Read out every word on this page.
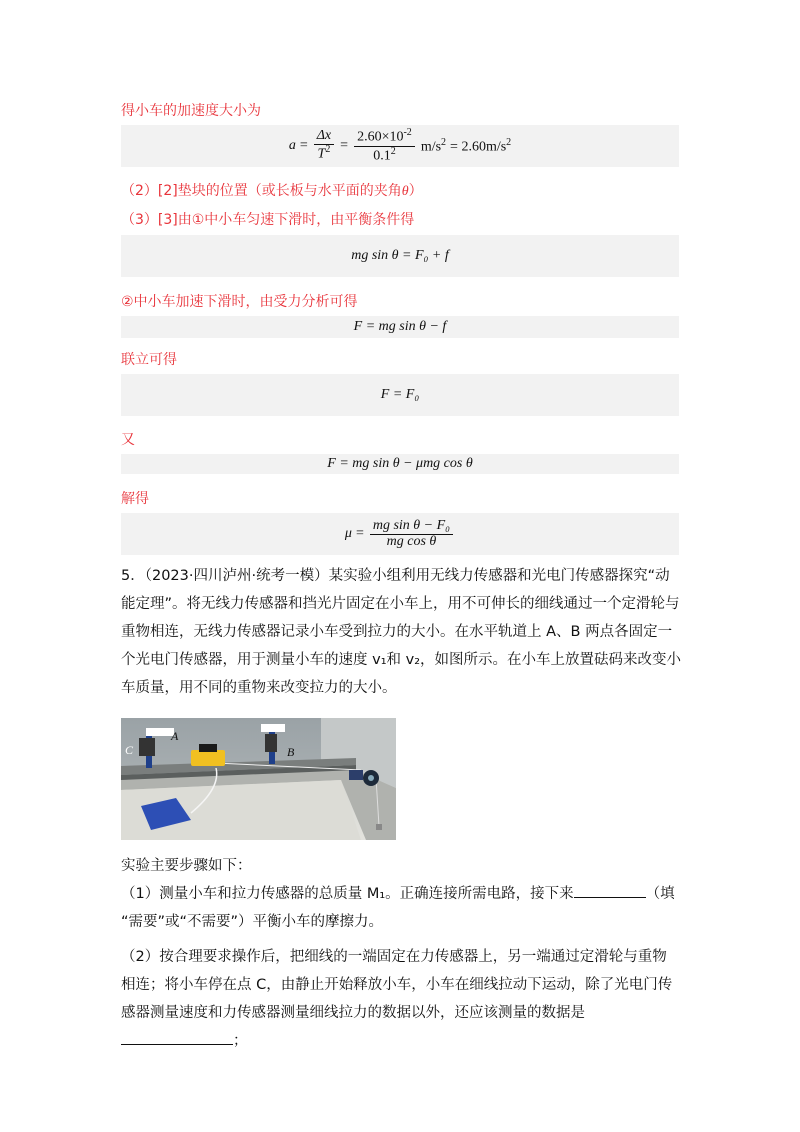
得小车的加速度大小为
$a = \frac{\Delta x}{T^2} = \frac{2.60\times 10^{-2}}{0.1^2} m/s^2 = 2.60m/s^2$
（2）[2]垫块的位置（或长板与水平面的夹角θ）
（3）[3]由①中小车匀速下滑时，由平衡条件得
mg sin θ = F₀ + f
②中小车加速下滑时，由受力分析可得
F = mg sin θ − f
联立可得
F = F₀
又
F = mg sin θ − μmg cos θ
解得
$\mu = \frac{\text{mg sin θ − F₀}}{\text{mg cos θ}}$
5．（2023·四川泸州·统考一模）某实验小组利用无线力传感器和光电门传感器探究“动能定理”。将无线力传感器和挡光片固定在小车上，用不可伸长的细线通过一个定滑轮与重物相连，无线力传感器记录小车受到拉力的大小。在水平轨道上 A、B 两点各固定一个光电门传感器，用于测量小车的速度 v₁和 v₂，如图所示。在小车上放置砝码来改变小车质量，用不同的重物来改变拉力的大小。
C
A
B
实验主要步骤如下：
（1）测量小车和拉力传感器的总质量 M₁。正确连接所需电路，接下来	（填
“需要”或“不需要”）平衡小车的摩擦力。
（2）按合理要求操作后，把细线的一端固定在力传感器上，另一端通过定滑轮与重物相连；将小车停在点 C，由静止开始释放小车，小车在细线拉动下运动，除了光电门传感器测量速度和力传感器测量细线拉力的数据以外，还应该测量的数据是；
